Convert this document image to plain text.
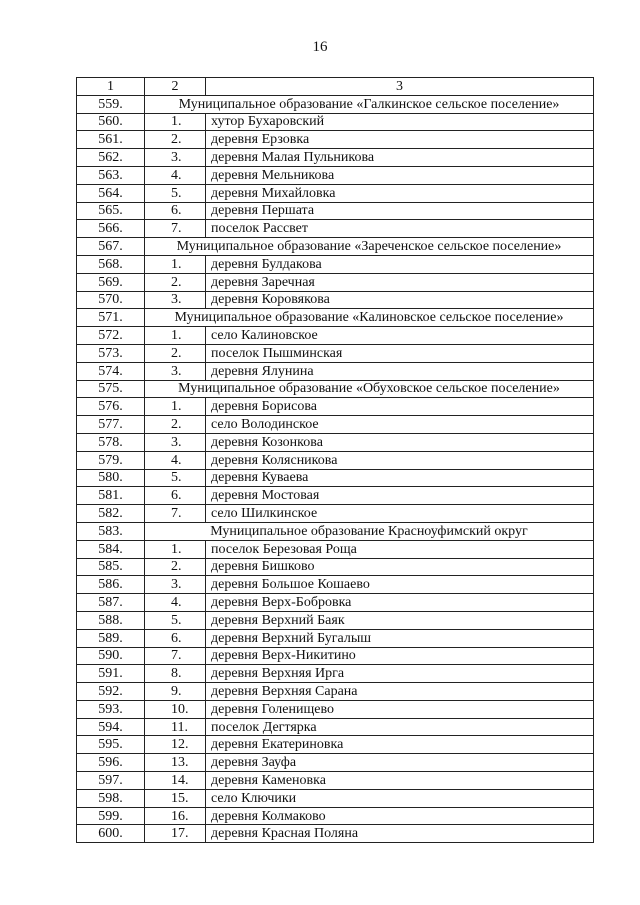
16
1	2	3
559.	Муниципальное образование «Галкинское сельское поселение»	
560.	1.	хутор Бухаровский
561.	2.	деревня Ерзовка
562.	3.	деревня Малая Пульникова
563.	4.	деревня Мельникова
564.	5.	деревня Михайловка
565.	6.	деревня Першата
566.	7.	поселок Рассвет
567.	Муниципальное образование «Зареченское сельское поселение»	
568.	1.	деревня Булдакова
569.	2.	деревня Заречная
570.	3.	деревня Коровякова
571.	Муниципальное образование «Калиновское сельское поселение»	
572.	1.	село Калиновское
573.	2.	поселок Пышминская
574.	3.	деревня Ялунина
575.	Муниципальное образование «Обуховское сельское поселение»	
576.	1.	деревня Борисова
577.	2.	село Володинское
578.	3.	деревня Козонкова
579.	4.	деревня Колясникова
580.	5.	деревня Куваева
581.	6.	деревня Мостовая
582.	7.	село Шилкинское
583.	Муниципальное образование Красноуфимский округ	
584.	1.	поселок Березовая Роща
585.	2.	деревня Бишково
586.	3.	деревня Большое Кошаево
587.	4.	деревня Верх-Бобровка
588.	5.	деревня Верхний Баяк
589.	6.	деревня Верхний Бугалыш
590.	7.	деревня Верх-Никитино
591.	8.	деревня Верхняя Ирга
592.	9.	деревня Верхняя Сарана
593.	10.	деревня Голенищево
594.	11.	поселок Дегтярка
595.	12.	деревня Екатериновка
596.	13.	деревня Зауфа
597.	14.	деревня Каменовка
598.	15.	село Ключики
599.	16.	деревня Колмаково
600.	17.	деревня Красная Поляна
